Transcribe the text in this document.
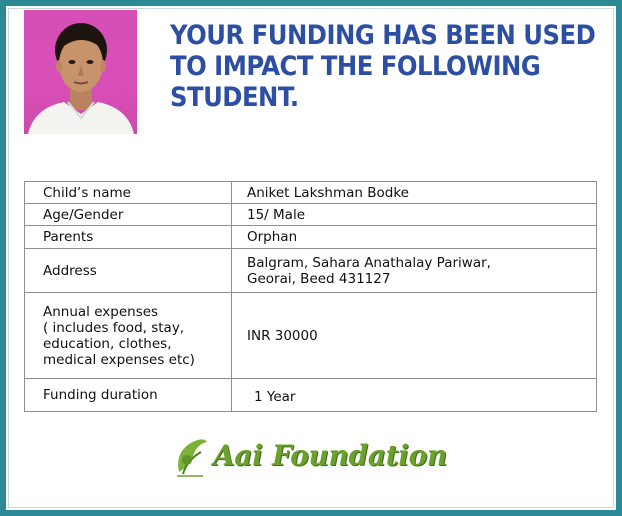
YOUR FUNDING HAS BEEN USED TO IMPACT THE FOLLOWING STUDENT.
Child’s name	Aniket Lakshman Bodke
Age/Gender	15/ Male
Parents	Orphan
Address	Balgram, Sahara Anathalay Pariwar,
Georai, Beed 431127

Annual expenses
( includes food, stay,
education, clothes,
medical expenses etc)	INR 30000
Funding duration	1 Year
Aai Foundation
